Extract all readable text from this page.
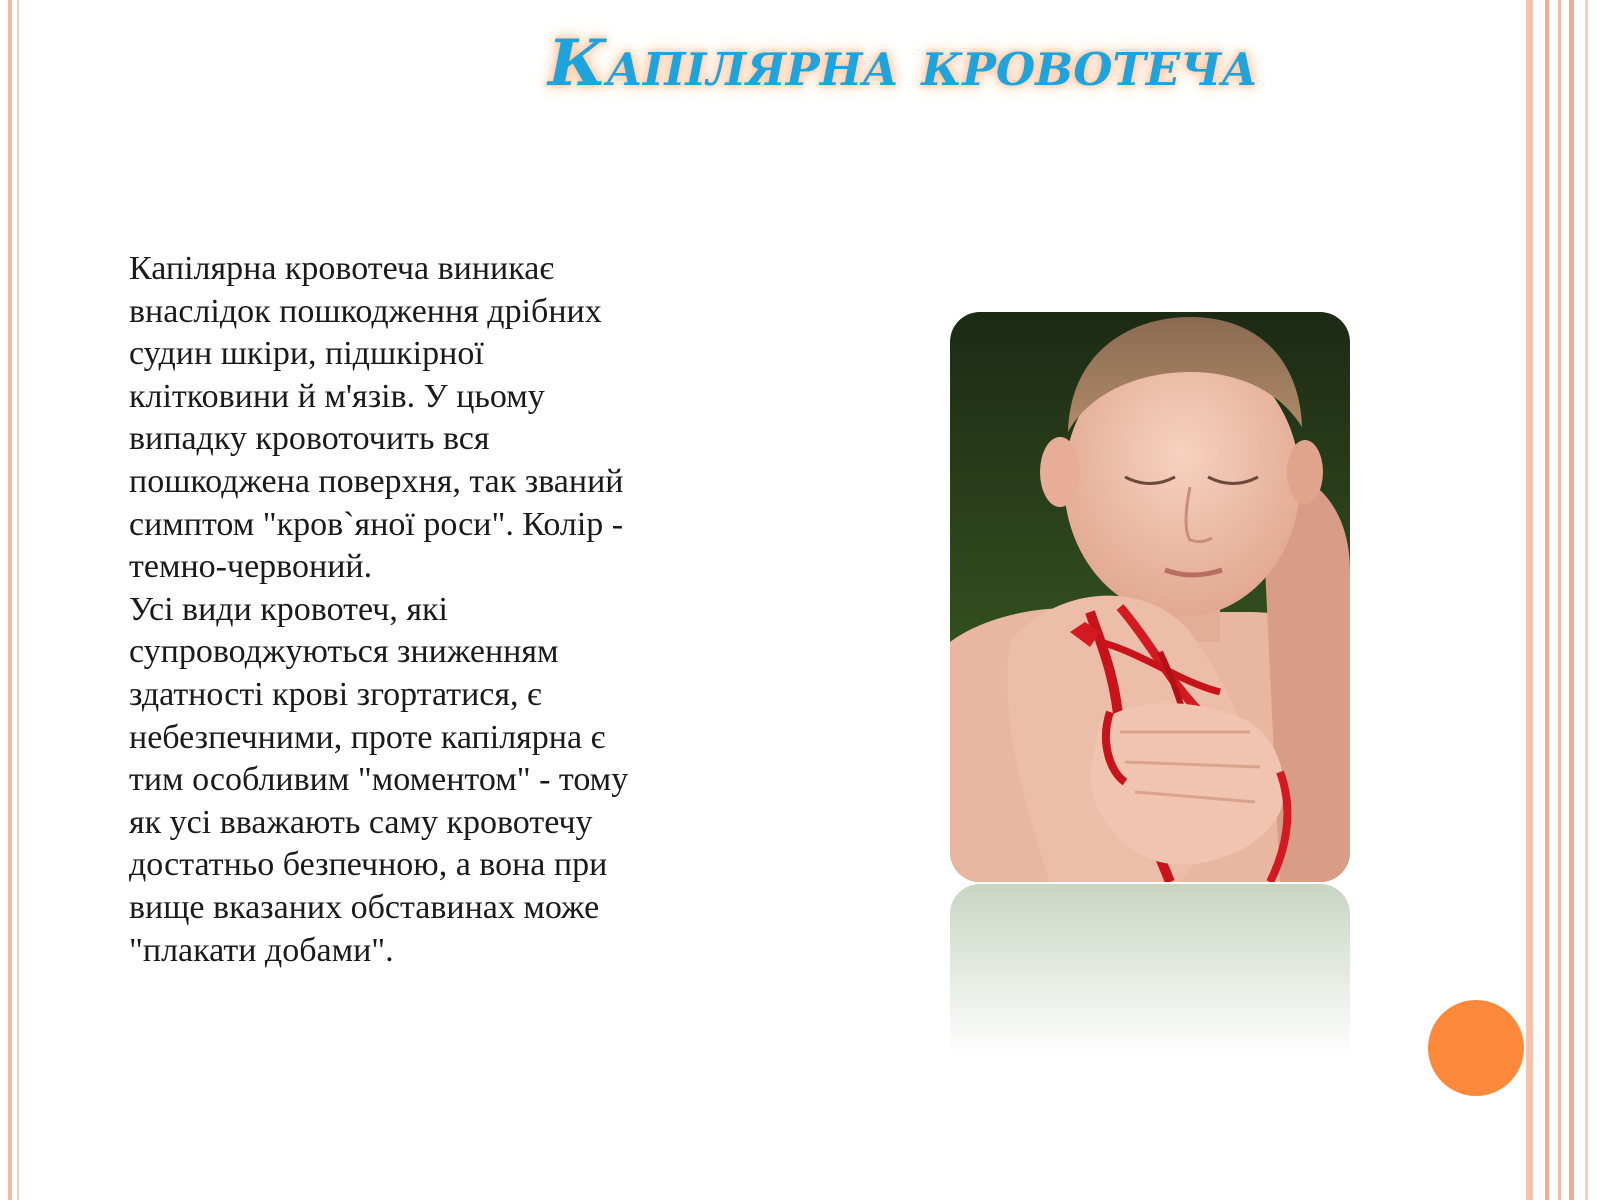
Капілярна кровотеча
Капілярна кровотеча виникає
внаслідок пошкодження дрібних
судин шкіри, підшкірної
клітковини й м'язів. У цьому
випадку кровоточить вся
пошкоджена поверхня, так званий
симптом "кров`яної роси". Колір -
темно-червоний.
Усі види кровотеч, які
супроводжуються зниженням
здатності крові згортатися, є
небезпечними, проте капілярна є
тим особливим "моментом" - тому
як усі вважають саму кровотечу
достатньо безпечною, а вона при
вище вказаних обставинах може
"плакати добами".
